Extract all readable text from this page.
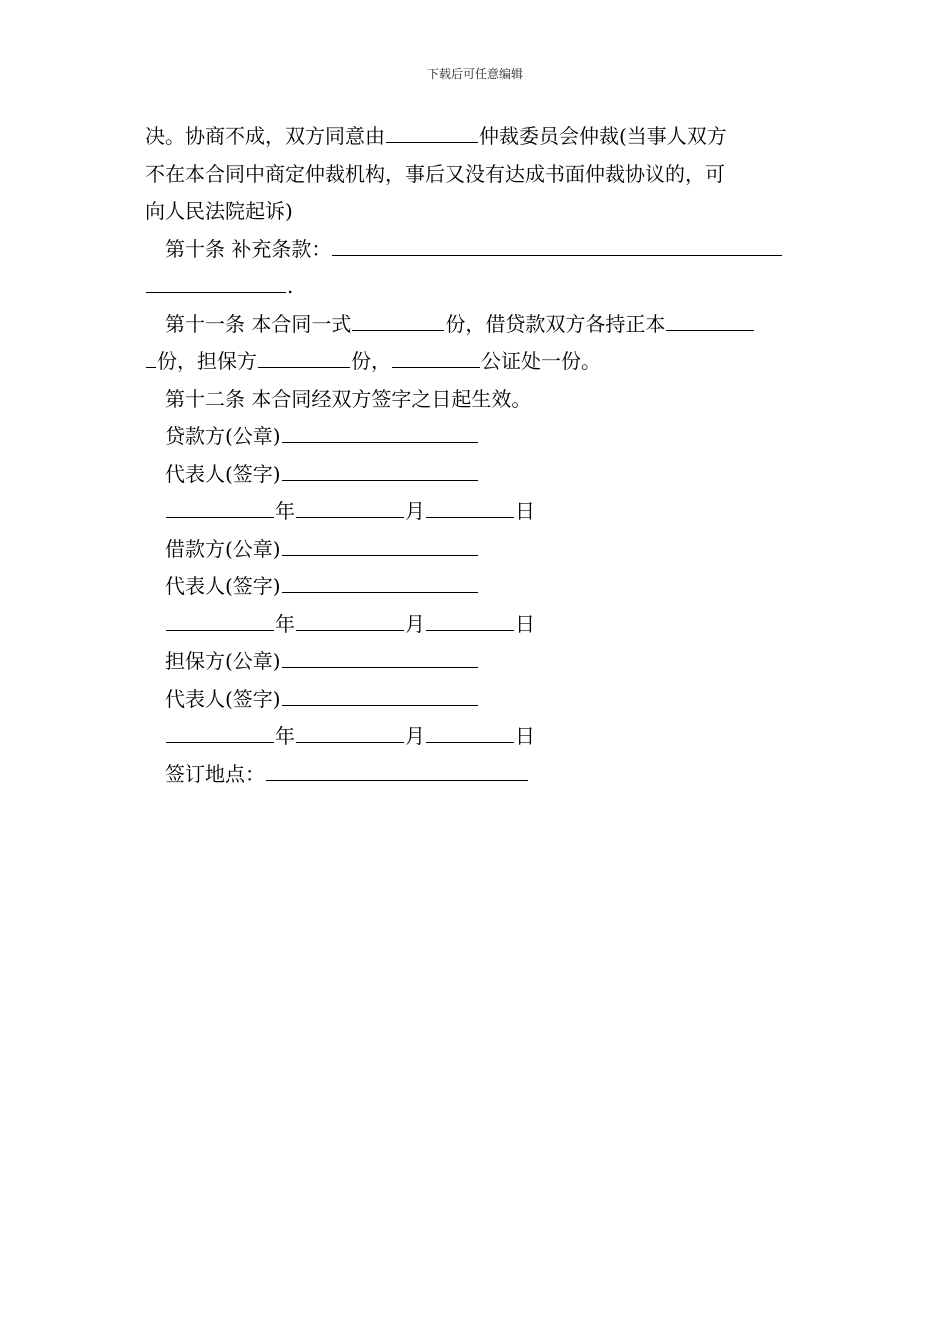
下载后可任意编辑

决。协商不成，双方同意由	仲裁委员会仲裁(当事人双方

不在本合同中商定仲裁机构，事后又没有达成书面仲裁协议的，可

向人民法院起诉)

第十条 补充条款：

.

第十一条 本合同一式	份，借贷款双方各持正本

份，担保方	份，	公证处一份。

第十二条 本合同经双方签字之日起生效。

贷款方(公章)

代表人(签字)

年	月	日

借款方(公章)

代表人(签字)

年	月	日

担保方(公章)

代表人(签字)

年	月	日

签订地点：
